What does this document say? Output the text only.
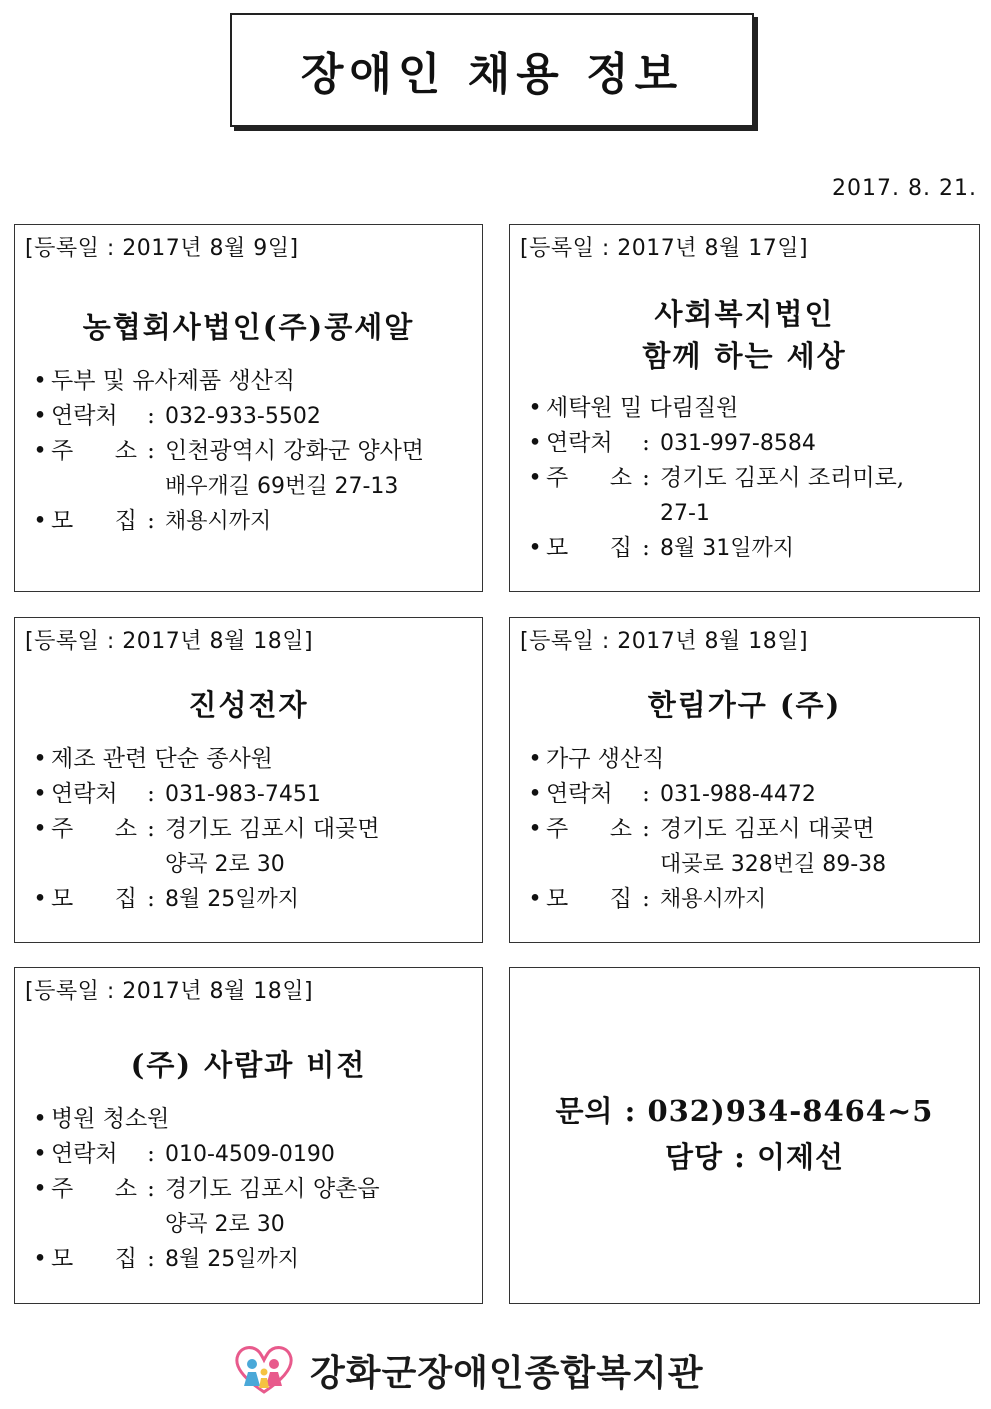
장애인 채용 정보
2017. 8. 21.
[등록일 : 2017년 8월 9일]
농협회사법인(주)콩세알
• 두부 및 유사제품 생산직
• 연락처	: 032-933-5502
• 주 소 : 인천광역시 강화군 양사면
배우개길 69번길 27-13
• 모 집 : 채용시까지
[등록일 : 2017년 8월 17일]
사회복지법인
함께 하는 세상
• 세탁원 밀 다림질원
• 연락처	: 031-997-8584
• 주 소 : 경기도 김포시 조리미로,
27-1
• 모 집 : 8월 31일까지
[등록일 : 2017년 8월 18일]
진성전자
• 제조 관련 단순 종사원
• 연락처	: 031-983-7451
• 주 소 : 경기도 김포시 대곶면
양곡 2로 30
• 모 집 : 8월 25일까지
[등록일 : 2017년 8월 18일]
한림가구 (주)
• 가구 생산직
• 연락처	: 031-988-4472
• 주 소 : 경기도 김포시 대곶면
대곶로 328번길 89-38
• 모 집 : 채용시까지
[등록일 : 2017년 8월 18일]
(주) 사람과 비전
• 병원 청소원
• 연락처	: 010-4509-0190
• 주 소 : 경기도 김포시 양촌읍
양곡 2로 30
• 모 집 : 8월 25일까지
문의 : 032)934-8464~5
담당 : 이제선
강화군장애인종합복지관
